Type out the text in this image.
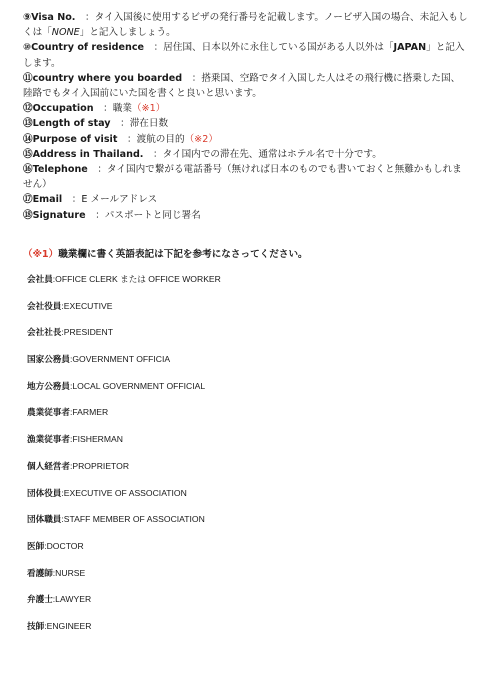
⑨Visa No.　：タイ入国後に使用するビザの発行番号を記載します。ノービザ入国の場合、未記入もしくは「NONE」と記入しましょう。

⑩Country of residence　：居住国、日本以外に永住している国がある人以外は「JAPAN」と記入します。

⑪country where you boarded　：搭乗国、空路でタイ入国した人はその飛行機に搭乗した国、陸路でもタイ入国前にいた国を書くと良いと思います。

⑫Occupation　：職業（※1）

⑬Length of stay　：滞在日数

⑭Purpose of visit　：渡航の目的（※2）

⑮Address in Thailand.　：タイ国内での滞在先、通常はホテル名で十分です。

⑯Telephone　：タイ国内で繋がる電話番号（無ければ日本のものでも書いておくと無難かもしれません）

⑰Email　：E メールアドレス

⑱Signature　：パスポートと同じ署名

（※1）職業欄に書く英語表記は下記を参考になさってください。
会社員:OFFICE CLERK または OFFICE WORKER
会社役員:EXECUTIVE
会社社長:PRESIDENT
国家公務員:GOVERNMENT OFFICIA
地方公務員:LOCAL GOVERNMENT OFFICIAL
農業従事者:FARMER
漁業従事者:FISHERMAN
個人経営者:PROPRIETOR
団体役員:EXECUTIVE OF ASSOCIATION
団体職員:STAFF MEMBER OF ASSOCIATION
医師:DOCTOR
看護師:NURSE
弁護士:LAWYER
技師:ENGINEER
